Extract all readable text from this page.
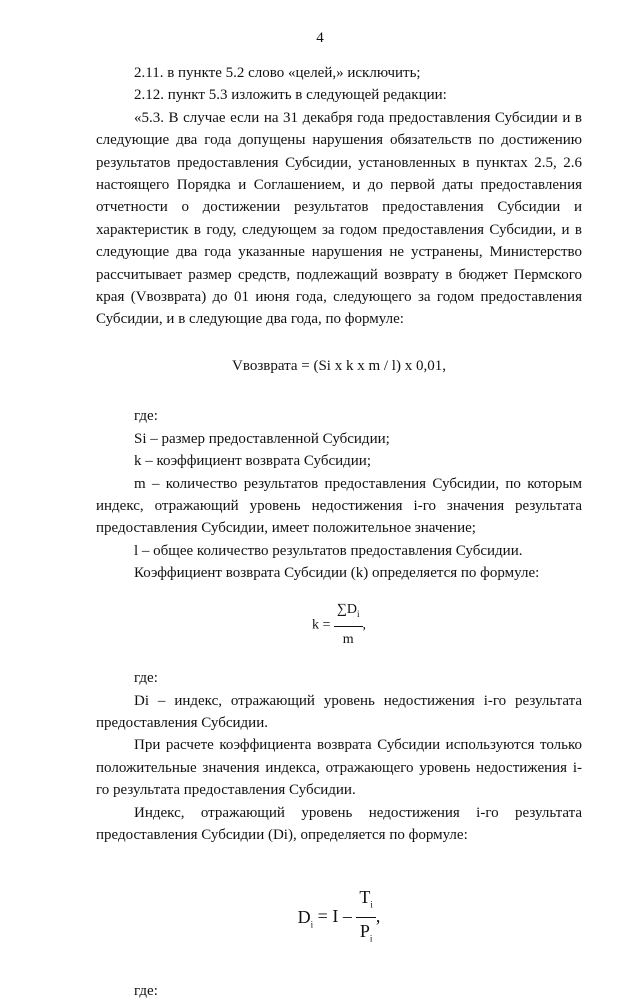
4

2.11. в пункте 5.2 слово «целей,» исключить;

2.12. пункт 5.3 изложить в следующей редакции:

«5.3. В случае если на 31 декабря года предоставления Субсидии и в следующие два года допущены нарушения обязательств по достижению результатов предоставления Субсидии, установленных в пунктах 2.5, 2.6 настоящего Порядка и Соглашением, и до первой даты предоставления отчетности о достижении результатов предоставления Субсидии и характеристик в году, следующем за годом предоставления Субсидии, и в следующие два года указанные нарушения не устранены, Министерство рассчитывает размер средств, подлежащий возврату в бюджет Пермского края (Vвозврата) до 01 июня года, следующего за годом предоставления Субсидии, и в следующие два года, по формуле:

Vвозврата = (Si x k x m / l) x 0,01,

где:

Si – размер предоставленной Субсидии;

k – коэффициент возврата Субсидии;

m – количество результатов предоставления Субсидии, по которым индекс, отражающий уровень недостижения i-го значения результата предоставления Субсидии, имеет положительное значение;

l – общее количество результатов предоставления Субсидии.

Коэффициент возврата Субсидии (k) определяется по формуле:

$k = \frac{\sum D_i}{m}$ ,

где:

Di – индекс, отражающий уровень недостижения i-го результата предоставления Субсидии.

При расчете коэффициента возврата Субсидии используются только положительные значения индекса, отражающего уровень недостижения i-го результата предоставления Субсидии.

Индекс, отражающий уровень недостижения i-го результата предоставления Субсидии (Di), определяется по формуле:

$D_i = I - \frac{T_i}{P_i}$ ,

где:
